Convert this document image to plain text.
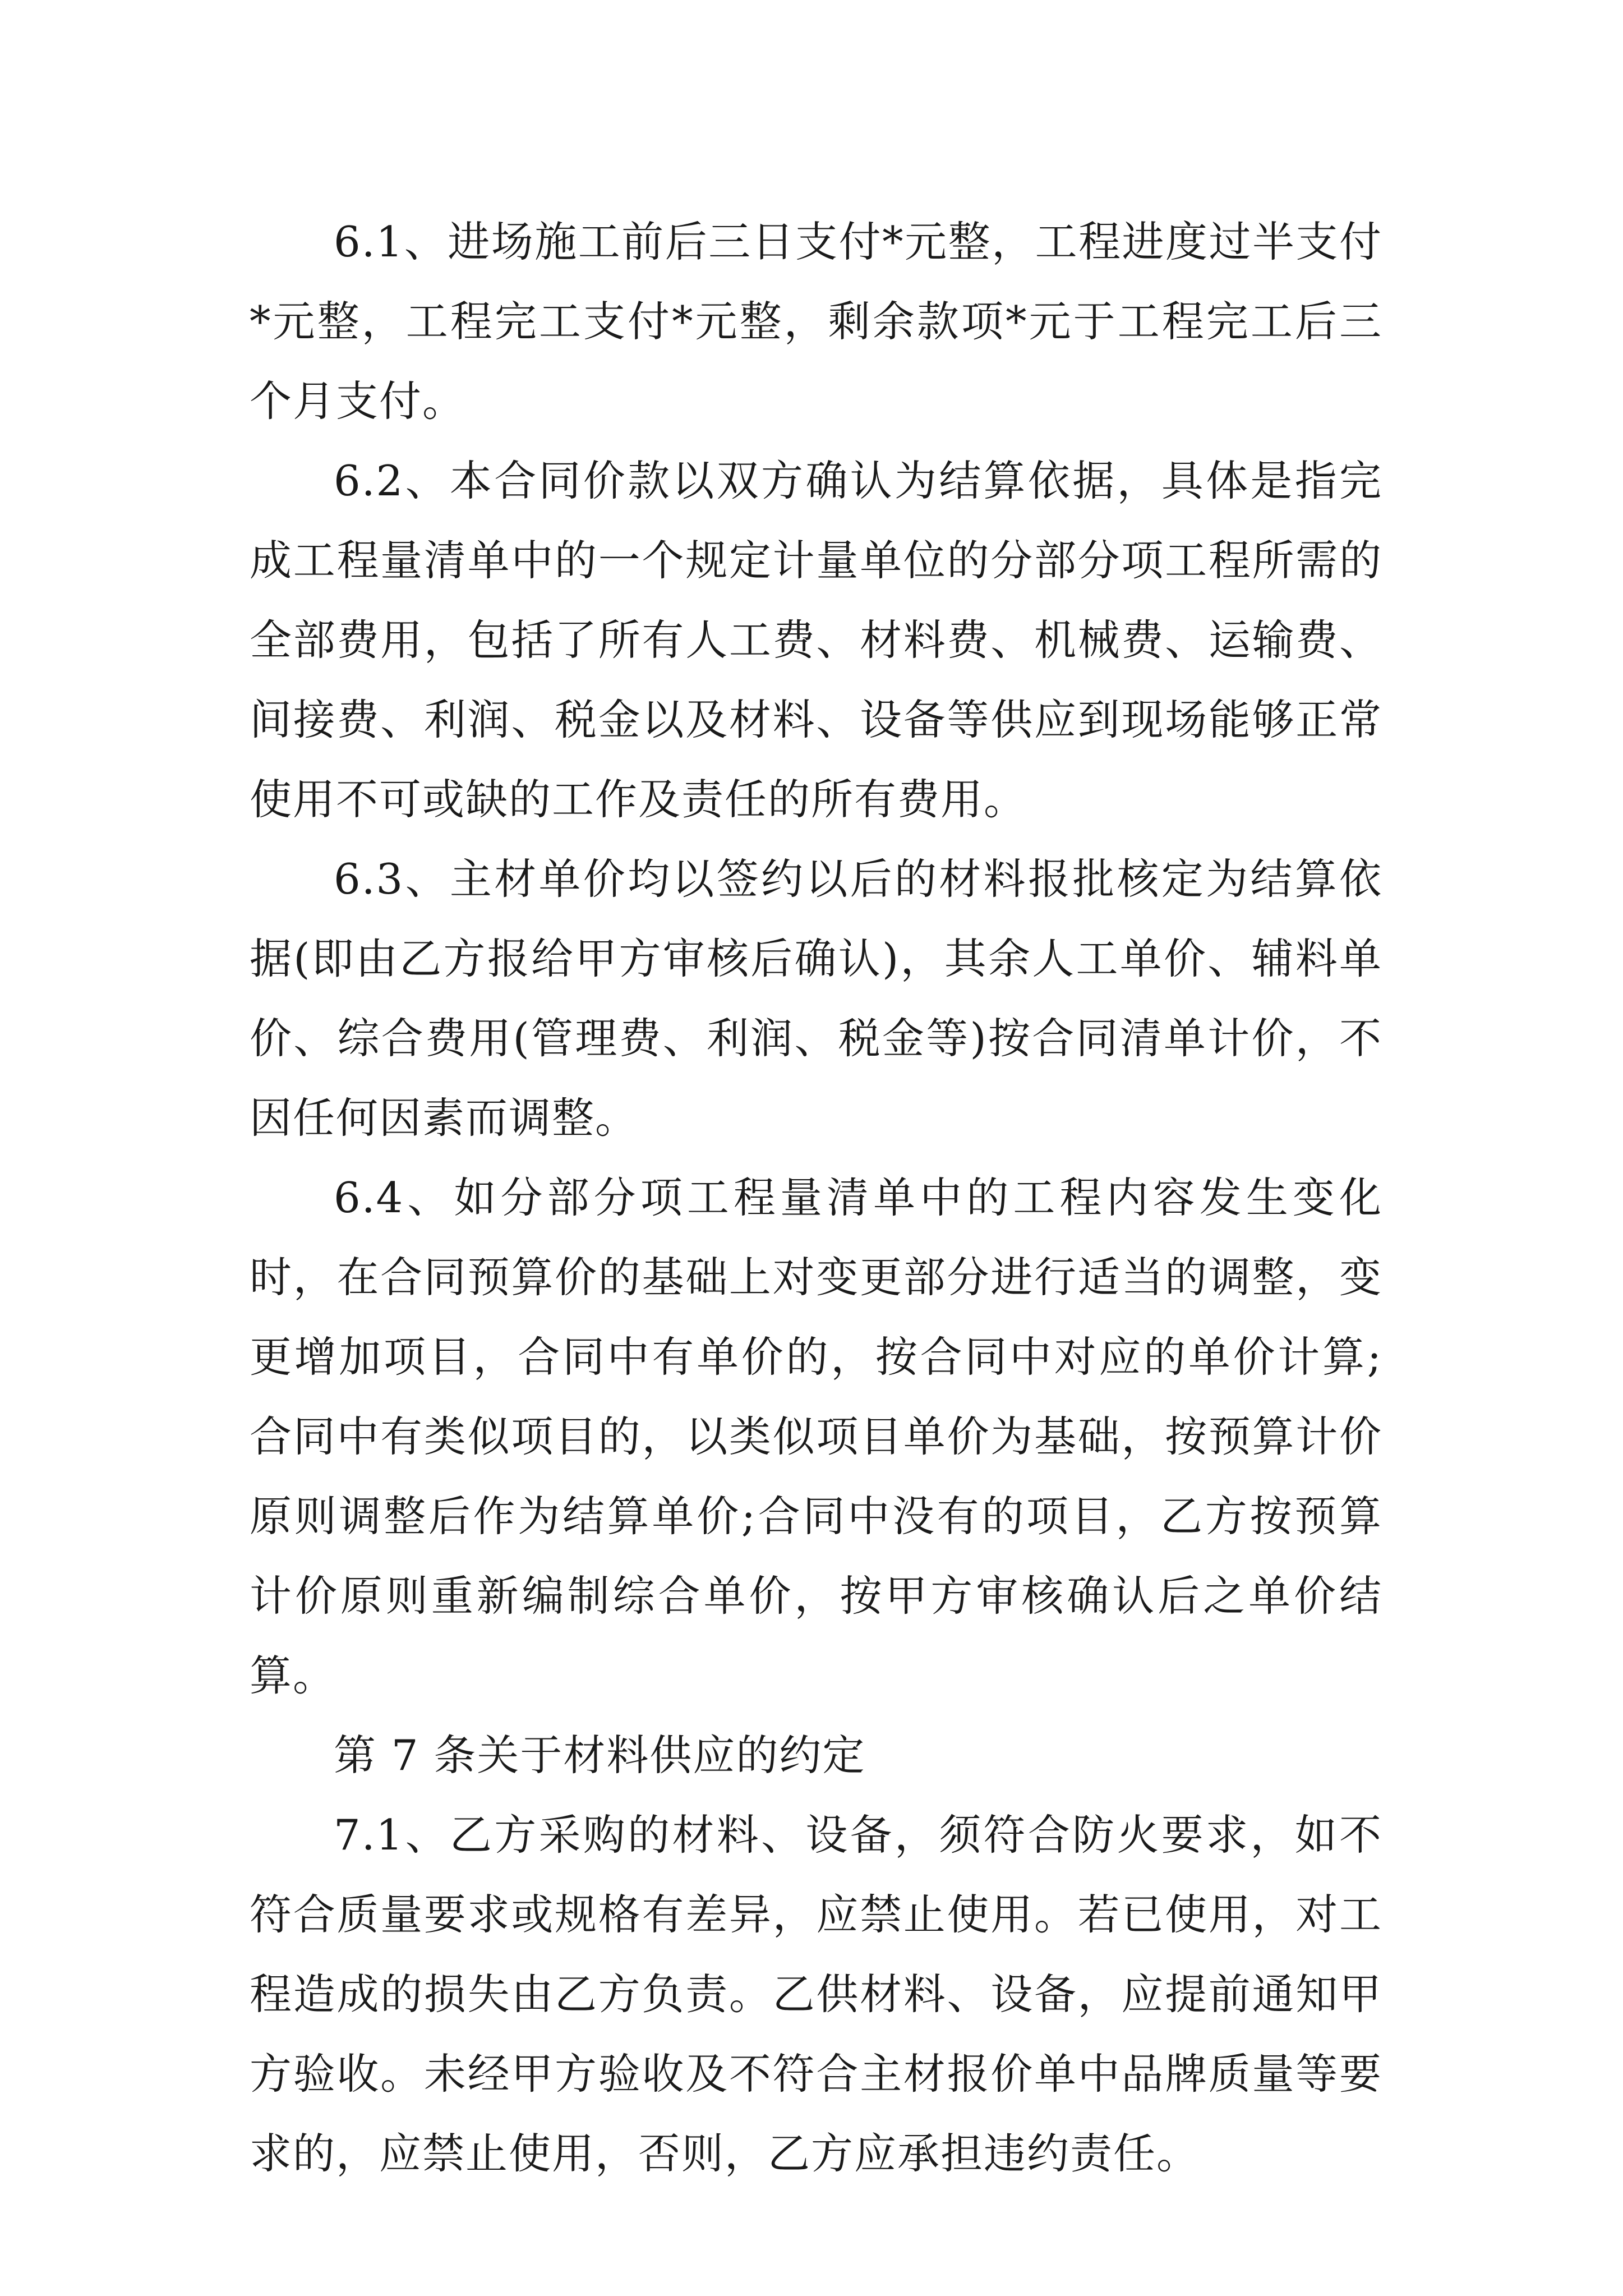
6.1、进场施工前后三日支付*元整，工程进度过半支付*元整，工程完工支付*元整，剩余款项*元于工程完工后三个月支付。

6.2、本合同价款以双方确认为结算依据，具体是指完成工程量清单中的一个规定计量单位的分部分项工程所需的全部费用，包括了所有人工费、材料费、机械费、运输费、间接费、利润、税金以及材料、设备等供应到现场能够正常使用不可或缺的工作及责任的所有费用。

6.3、主材单价均以签约以后的材料报批核定为结算依据(即由乙方报给甲方审核后确认)，其余人工单价、辅料单价、综合费用(管理费、利润、税金等)按合同清单计价，不因任何因素而调整。

6.4、如分部分项工程量清单中的工程内容发生变化时，在合同预算价的基础上对变更部分进行适当的调整，变更增加项目，合同中有单价的，按合同中对应的单价计算;合同中有类似项目的，以类似项目单价为基础，按预算计价原则调整后作为结算单价;合同中没有的项目，乙方按预算计价原则重新编制综合单价，按甲方审核确认后之单价结算。

第 7 条关于材料供应的约定

7.1、乙方采购的材料、设备，须符合防火要求，如不符合质量要求或规格有差异，应禁止使用。若已使用，对工程造成的损失由乙方负责。乙供材料、设备，应提前通知甲方验收。未经甲方验收及不符合主材报价单中品牌质量等要求的，应禁止使用，否则，乙方应承担违约责任。
